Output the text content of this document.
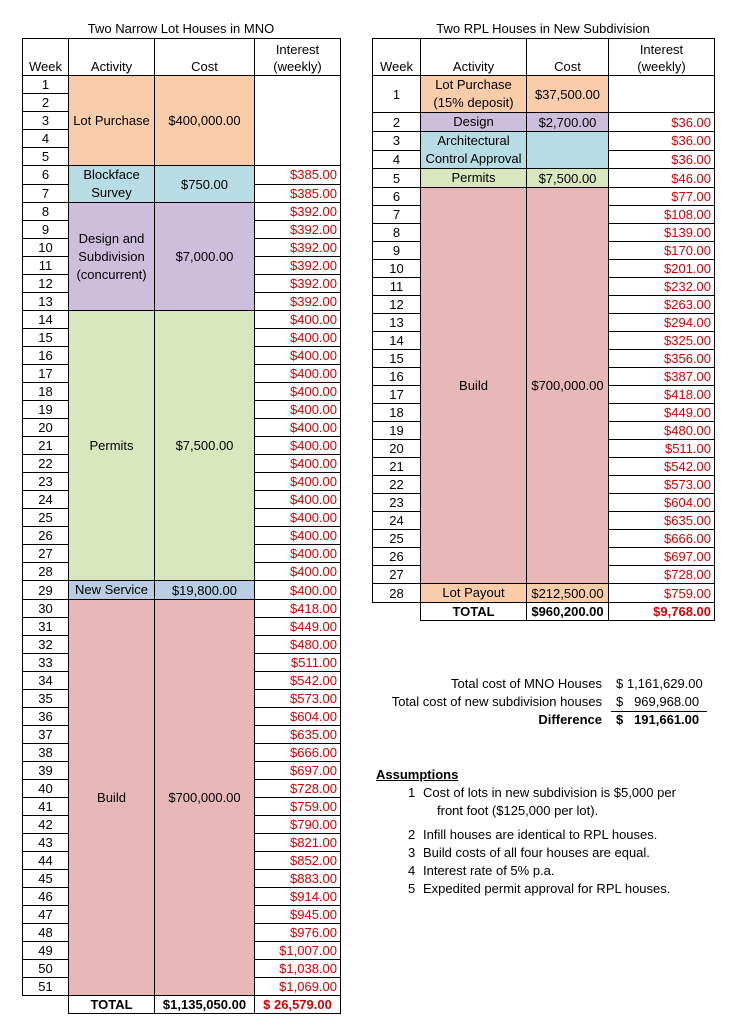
Two Narrow Lot Houses in MNO	Two RPL Houses in New Subdivision
Week	Activity	Cost	Interest
(weekly)
1	Lot Purchase	$400,000.00	
2			
3			
4			
5			
6	Blockface Survey	$750.00	$385.00
7			$385.00
8	Design and Subdivision (concurrent)	$7,000.00	$392.00
9			$392.00
10			$392.00
11			$392.00
12			$392.00
13			$392.00
14	Permits	$7,500.00	$400.00
15			$400.00
16			$400.00
17			$400.00
18			$400.00
19			$400.00
20			$400.00
21			$400.00
22			$400.00
23			$400.00
24			$400.00
25			$400.00
26			$400.00
27			$400.00
28			$400.00
29	New Service	$19,800.00	$400.00
30	Build	$700,000.00	$418.00
31			$449.00
32			$480.00
33			$511.00
34			$542.00
35			$573.00
36			$604.00
37			$635.00
38			$666.00
39			$697.00
40			$728.00
41			$759.00
42			$790.00
43			$821.00
44			$852.00
45			$883.00
46			$914.00
47			$945.00
48			$976.00
49			$1,007.00
50			$1,038.00
51			$1,069.00
	TOTAL	$1,135,050.00	$ 26,579.00
Week	Activity	Cost	Interest
(weekly)
1	Lot Purchase (15% deposit)	$37,500.00	
2	Design	$2,700.00	$36.00
3	Architectural Control Approval		$36.00
4			$36.00
5	Permits	$7,500.00	$46.00
6	Build	$700,000.00	$77.00
7			$108.00
8			$139.00
9			$170.00
10			$201.00
11			$232.00
12			$263.00
13			$294.00
14			$325.00
15			$356.00
16			$387.00
17			$418.00
18			$449.00
19			$480.00
20			$511.00
21			$542.00
22			$573.00
23			$604.00
24			$635.00
25			$666.00
26			$697.00
27			$728.00
28	Lot Payout	$212,500.00	$759.00
	TOTAL	$960,200.00	$9,768.00
Total cost of MNO Houses $ 1,161,629.00
Total cost of new subdivision houses $   969,968.00
Difference $   191,661.00
Assumptions
1 Cost of lots in new subdivision is $5,000 per
front foot ($125,000 per lot).
2 Infill houses are identical to RPL houses.
3 Build costs of all four houses are equal.
4 Interest rate of 5% p.a.
5 Expedited permit approval for RPL houses.
